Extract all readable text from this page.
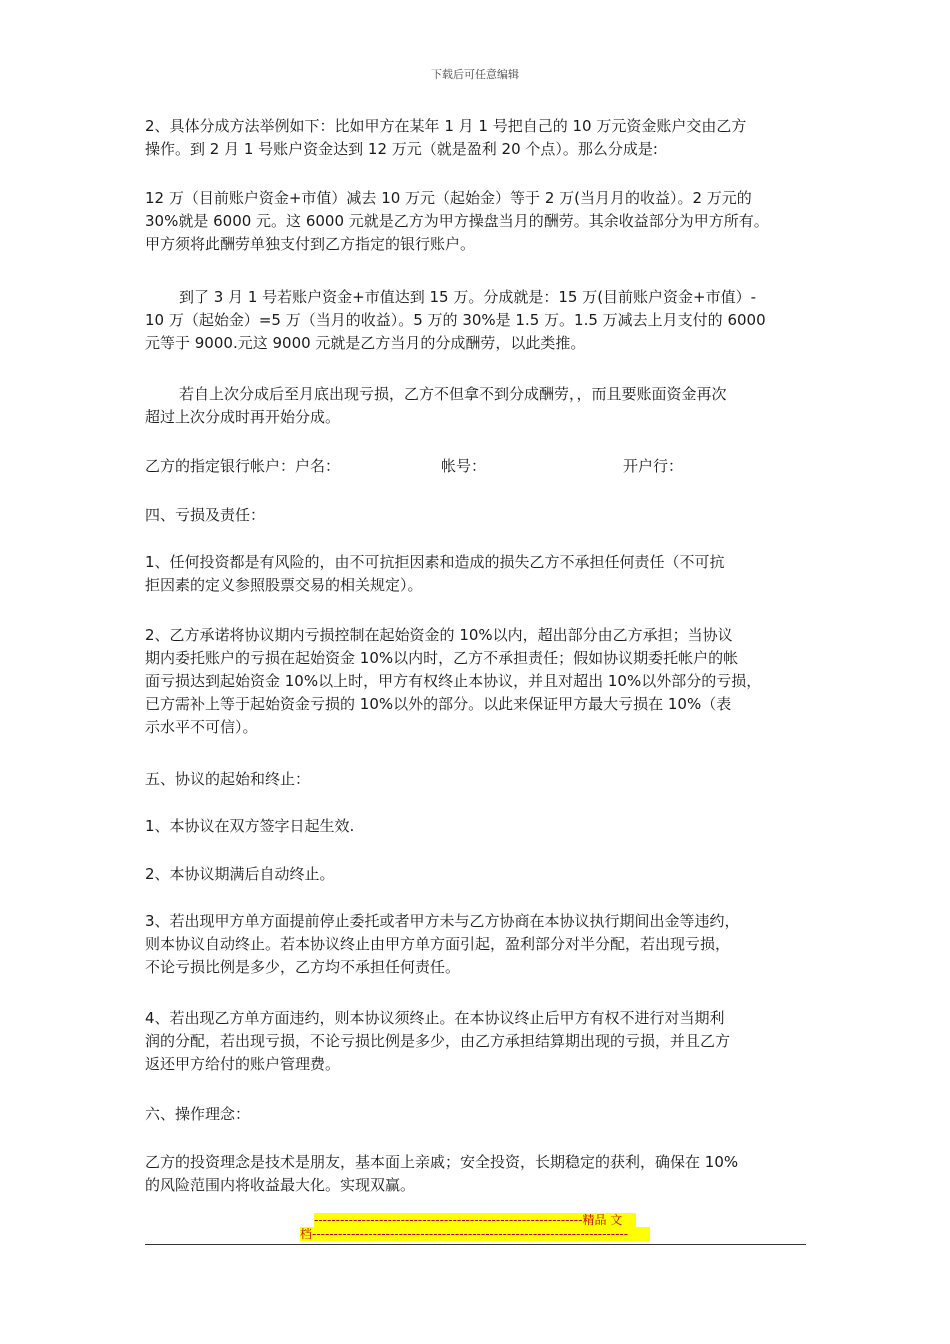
下载后可任意编辑
2、具体分成方法举例如下：比如甲方在某年 1 月 1 号把自己的 10 万元资金账户交由乙方
操作。到 2 月 1 号账户资金达到 12 万元（就是盈利 20 个点）。那么分成是:
12 万（目前账户资金+市值）减去 10 万元（起始金）等于 2 万(当月月的收益）。2 万元的
30%就是 6000 元。这 6000 元就是乙方为甲方操盘当月的酬劳。其余收益部分为甲方所有。
甲方须将此酬劳单独支付到乙方指定的银行账户。
到了 3 月 1 号若账户资金+市值达到 15 万。分成就是：15 万(目前账户资金+市值）-
10 万（起始金）=5 万（当月的收益）。5 万的 30%是 1.5 万。1.5 万减去上月支付的 6000
元等于 9000.元这 9000 元就是乙方当月的分成酬劳，以此类推。
若自上次分成后至月底出现亏损，乙方不但拿不到分成酬劳，，而且要账面资金再次
超过上次分成时再开始分成。
乙方的指定银行帐户：户名：	帐号：	开户行：
四、亏损及责任：
1、任何投资都是有风险的，由不可抗拒因素和造成的损失乙方不承担任何责任（不可抗
拒因素的定义参照股票交易的相关规定）。
2、乙方承诺将协议期内亏损控制在起始资金的 10%以内，超出部分由乙方承担；当协议
期内委托账户的亏损在起始资金 10%以内时，乙方不承担责任；假如协议期委托帐户的帐
面亏损达到起始资金 10%以上时，甲方有权终止本协议，并且对超出 10%以外部分的亏损，
已方需补上等于起始资金亏损的 10%以外的部分。以此来保证甲方最大亏损在 10%（表
示水平不可信）。
五、协议的起始和终止：
1、本协议在双方签字日起生效.
2、本协议期满后自动终止。
3、若出现甲方单方面提前停止委托或者甲方未与乙方协商在本协议执行期间出金等违约，
则本协议自动终止。若本协议终止由甲方单方面引起，盈利部分对半分配，若出现亏损，
不论亏损比例是多少，乙方均不承担任何责任。
4、若出现乙方单方面违约，则本协议须终止。在本协议终止后甲方有权不进行对当期利
润的分配，若出现亏损，不论亏损比例是多少，由乙方承担结算期出现的亏损，并且乙方
返还甲方给付的账户管理费。
六、操作理念：
乙方的投资理念是技术是朋友，基本面上亲戚；安全投资，长期稳定的获利，确保在 10%
的风险范围内将收益最大化。实现双赢。
--------------------------------------------------------------精品 文
档-------------------------------------------------------------------------
